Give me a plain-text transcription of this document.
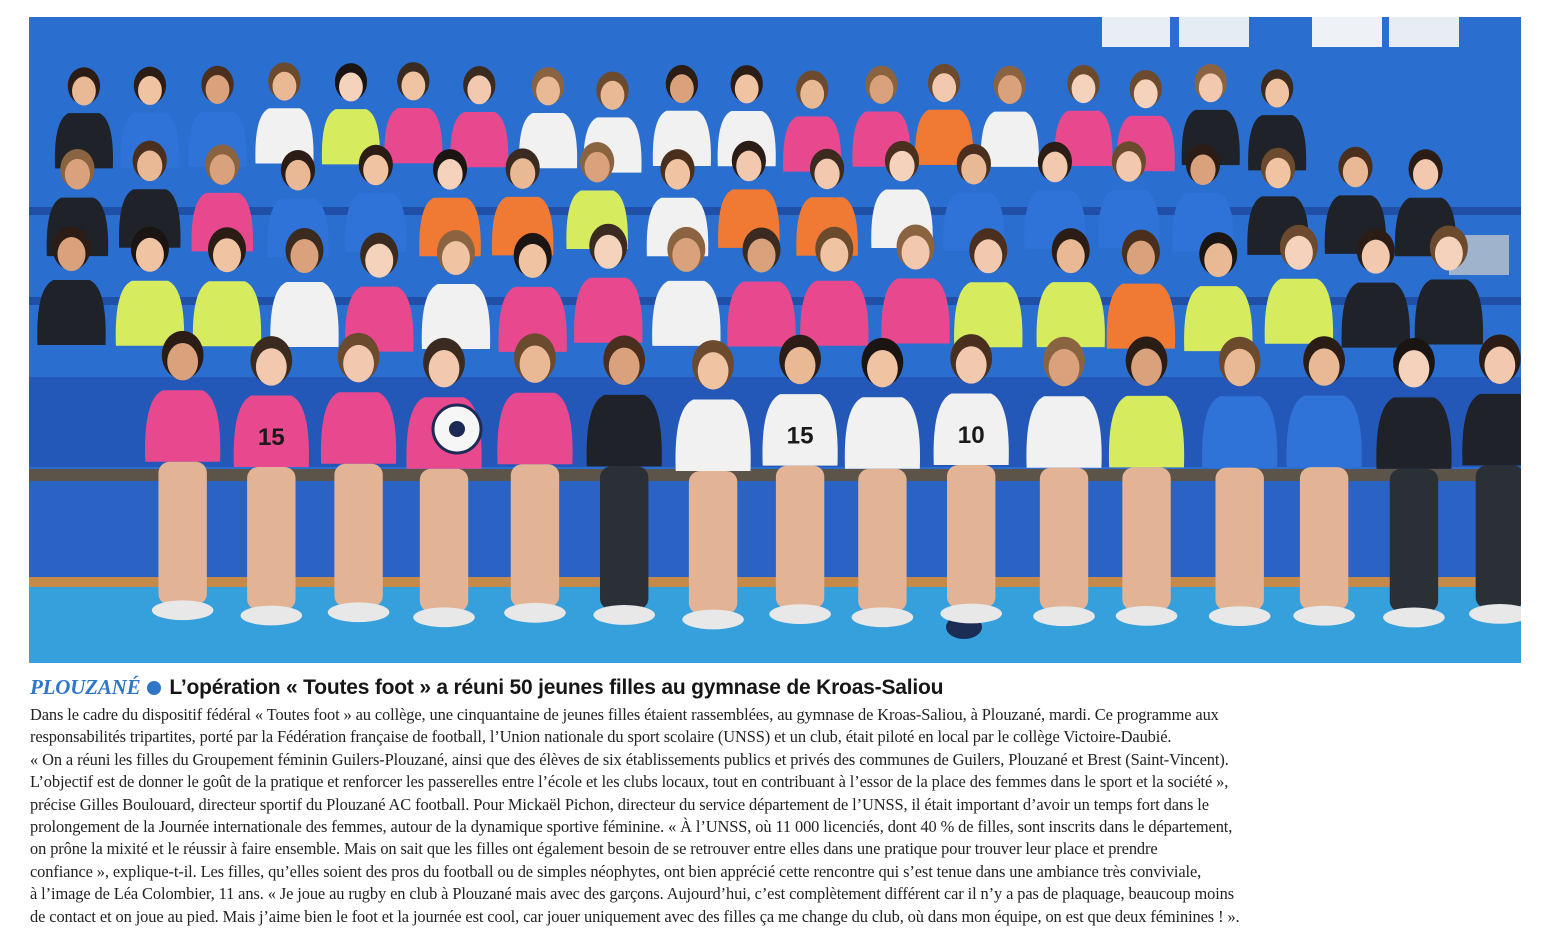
15	15	10
PLOUZANÉ L’opération « Toutes foot » a réuni 50 jeunes filles au gymnase de Kroas-Saliou

Dans le cadre du dispositif fédéral « Toutes foot » au collège, une cinquantaine de jeunes filles étaient rassemblées, au gymnase de Kroas-Saliou, à Plouzané, mardi. Ce programme aux

responsabilités tripartites, porté par la Fédération française de football, l’Union nationale du sport scolaire (UNSS) et un club, était piloté en local par le collège Victoire-Daubié.

« On a réuni les filles du Groupement féminin Guilers-Plouzané, ainsi que des élèves de six établissements publics et privés des communes de Guilers, Plouzané et Brest (Saint-Vincent).

L’objectif est de donner le goût de la pratique et renforcer les passerelles entre l’école et les clubs locaux, tout en contribuant à l’essor de la place des femmes dans le sport et la société »,

précise Gilles Boulouard, directeur sportif du Plouzané AC football. Pour Mickaël Pichon, directeur du service département de l’UNSS, il était important d’avoir un temps fort dans le

prolongement de la Journée internationale des femmes, autour de la dynamique sportive féminine. « À l’UNSS, où 11 000 licenciés, dont 40 % de filles, sont inscrits dans le département,

on prône la mixité et le réussir à faire ensemble. Mais on sait que les filles ont également besoin de se retrouver entre elles dans une pratique pour trouver leur place et prendre

confiance », explique-t-il. Les filles, qu’elles soient des pros du football ou de simples néophytes, ont bien apprécié cette rencontre qui s’est tenue dans une ambiance très conviviale,

à l’image de Léa Colombier, 11 ans. « Je joue au rugby en club à Plouzané mais avec des garçons. Aujourd’hui, c’est complètement différent car il n’y a pas de plaquage, beaucoup moins

de contact et on joue au pied. Mais j’aime bien le foot et la journée est cool, car jouer uniquement avec des filles ça me change du club, où dans mon équipe, on est que deux féminines ! ».
